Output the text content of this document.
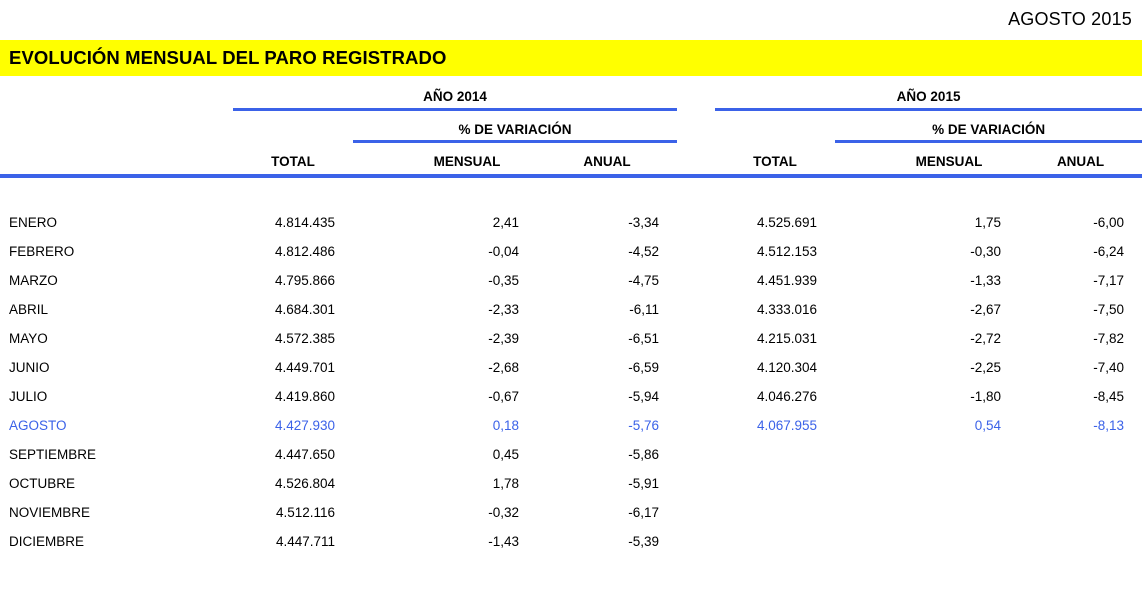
AGOSTO 2015
EVOLUCIÓN MENSUAL DEL PARO REGISTRADO
	AÑO 2014					AÑO 2015			
		% DE VARIACIÓN					% DE VARIACIÓN		
	TOTAL		MENSUAL	ANUAL		TOTAL		MENSUAL	ANUAL
ENERO	4.814.435		2,41	-3,34		4.525.691		1,75	-6,00
FEBRERO	4.812.486		-0,04	-4,52		4.512.153		-0,30	-6,24
MARZO	4.795.866		-0,35	-4,75		4.451.939		-1,33	-7,17
ABRIL	4.684.301		-2,33	-6,11		4.333.016		-2,67	-7,50
MAYO	4.572.385		-2,39	-6,51		4.215.031		-2,72	-7,82
JUNIO	4.449.701		-2,68	-6,59		4.120.304		-2,25	-7,40
JULIO	4.419.860		-0,67	-5,94		4.046.276		-1,80	-8,45
AGOSTO	4.427.930		0,18	-5,76		4.067.955		0,54	-8,13
SEPTIEMBRE	4.447.650		0,45	-5,86					
OCTUBRE	4.526.804		1,78	-5,91					
NOVIEMBRE	4.512.116		-0,32	-6,17					
DICIEMBRE	4.447.711		-1,43	-5,39					
